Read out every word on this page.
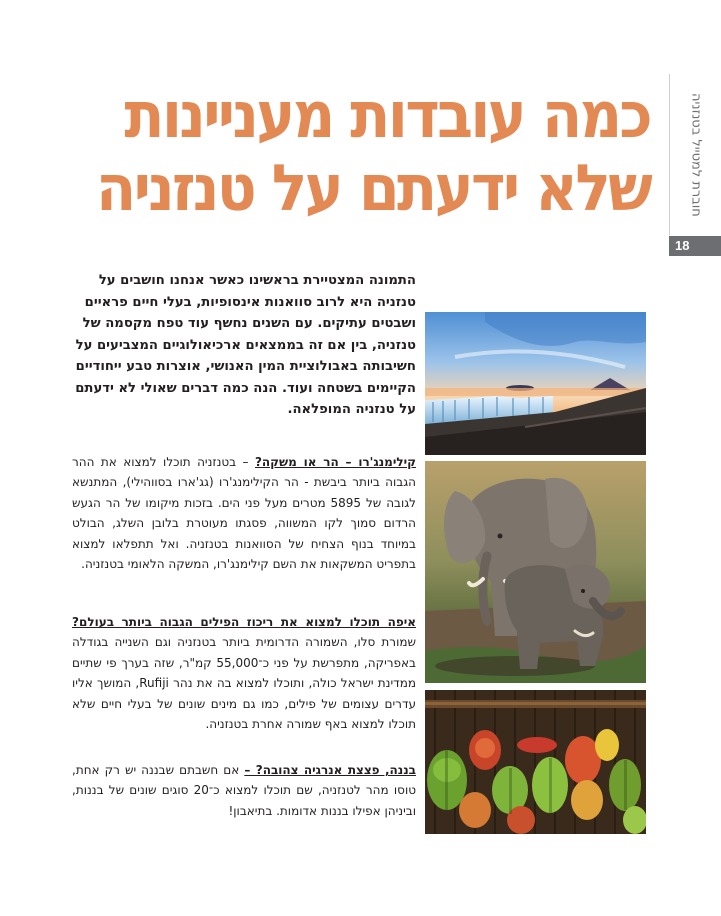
חוברת למטייל בטנזניה
18
כמה עובדות מעניינות
שלא ידעתם על טנזניה

התמונה המצטיירת בראשינו כאשר אנחנו חושבים על טנזניה היא לרוב סוואנות אינסופיות, בעלי חיים פראיים ושבטים עתיקים. עם השנים נחשף עוד טפח מקסמה של טנזניה, בין אם זה בממצאים ארכיאולוגיים המצביעים על חשיבותה באבולוציית המין האנושי, אוצרות טבע ייחודיים הקיימים בשטחה ועוד. הנה כמה דברים שאולי לא ידעתם על טנזניה המופלאה.

קילימנג'רו – הר או משקה? – בטנזניה תוכלו למצוא את ההר הגבוה ביותר ביבשת - הר הקילימנג'רו (גג'ארו בסווהילי), המתנשא לגובה של 5895 מטרים מעל פני הים. בזכות מיקומו של הר הגעש הרדום סמוך לקו המשווה, פסגתו מעוטרת בלובן השלג, הבולט במיוחד בנוף הצחיח של הסוואנות בטנזניה. ואל תתפלאו למצוא בתפריט המשקאות את השם קילימנג'רו, המשקה הלאומי בטנזניה.

איפה תוכלו למצוא את ריכוז הפילים הגבוה ביותר בעולם? שמורת סלו, השמורה הדרומית ביותר בטנזניה וגם השנייה בגודלה באפריקה, מתפרשת על פני כ־55,000 קמ"ר, שזה בערך פי שתיים ממדינת ישראל כולה, ותוכלו למצוא בה את נהר Rufiji, המושך אליו עדרים עצומים של פילים, כמו גם מינים שונים של בעלי חיים שלא תוכלו למצוא באף שמורה אחרת בטנזניה.

בננה, פצצת אנרגיה צהובה? – אם חשבתם שבננה יש רק אחת, טוסו מהר לטנזניה, שם תוכלו למצוא כ־20 סוגים שונים של בננות, וביניהן אפילו בננות אדומות. בתיאבון!
